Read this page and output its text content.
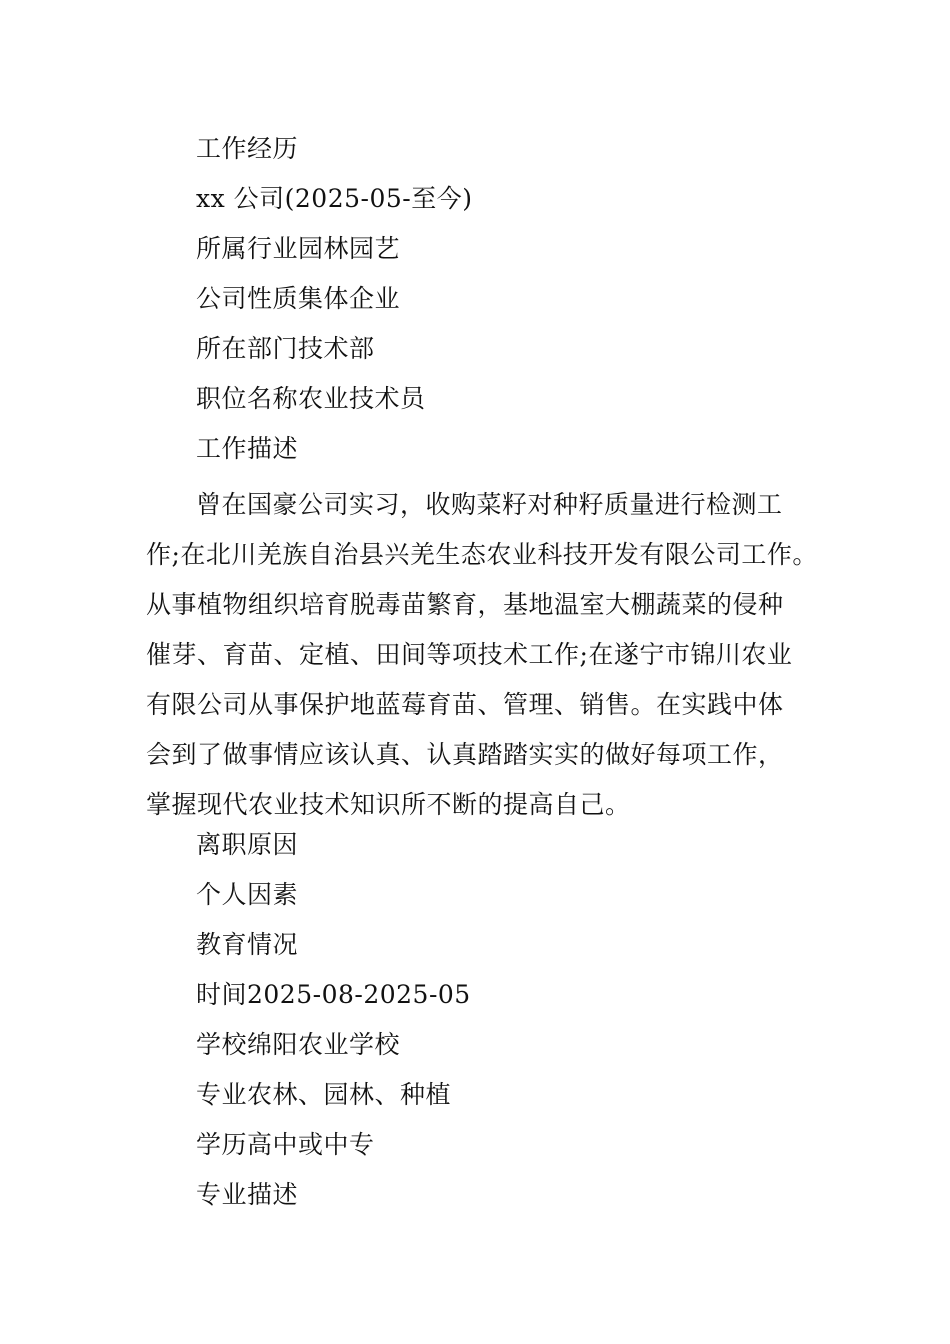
工作经历
xx 公司(2025-05-至今)
所属行业园林园艺
公司性质集体企业
所在部门技术部
职位名称农业技术员
工作描述
曾在国豪公司实习，收购菜籽对种籽质量进行检测工
作;在北川羌族自治县兴羌生态农业科技开发有限公司工作。
从事植物组织培育脱毒苗繁育，基地温室大棚蔬菜的侵种
催芽、育苗、定植、田间等项技术工作;在遂宁市锦川农业
有限公司从事保护地蓝莓育苗、管理、销售。在实践中体
会到了做事情应该认真、认真踏踏实实的做好每项工作，
掌握现代农业技术知识所不断的提高自己。
离职原因
个人因素
教育情况
时间2025-08-2025-05
学校绵阳农业学校
专业农林、园林、种植
学历高中或中专
专业描述
